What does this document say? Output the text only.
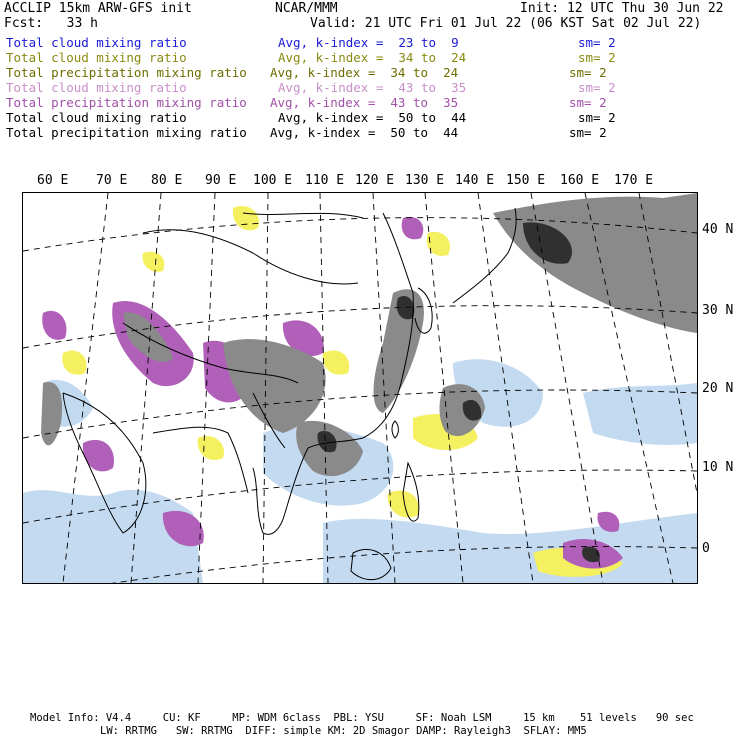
ACCLIP 15km ARW-GFS init	NCAR/MMM	Init: 12 UTC Thu 30 Jun 22
Fcst:   33 h	Valid: 21 UTC Fri 01 Jul 22 (06 KST Sat 02 Jul 22)
Total cloud mixing ratio	Avg, k-index =  23 to  9	sm= 2
Total cloud mixing ratio	Avg, k-index =  34 to  24	sm= 2
Total precipitation mixing ratio Avg, k-index =  34 to  24	sm= 2
Total cloud mixing ratio	Avg, k-index =  43 to  35	sm= 2
Total precipitation mixing ratio Avg, k-index =  43 to  35	sm= 2
Total cloud mixing ratio	Avg, k-index =  50 to  44	sm= 2
Total precipitation mixing ratio Avg, k-index =  50 to  44	sm= 2
60 E 70 E 80 E 90 E 100 E 110 E 120 E 130 E 140 E 150 E 160 E 170 E
40 N
30 N
20 N
10 N
0
Model Info: V4.4     CU: KF     MP: WDM 6class  PBL: YSU     SF: Noah LSM     15 km    51 levels   90 sec
LW: RRTMG   SW: RRTMG  DIFF: simple KM: 2D Smagor DAMP: Rayleigh3  SFLAY: MM5
